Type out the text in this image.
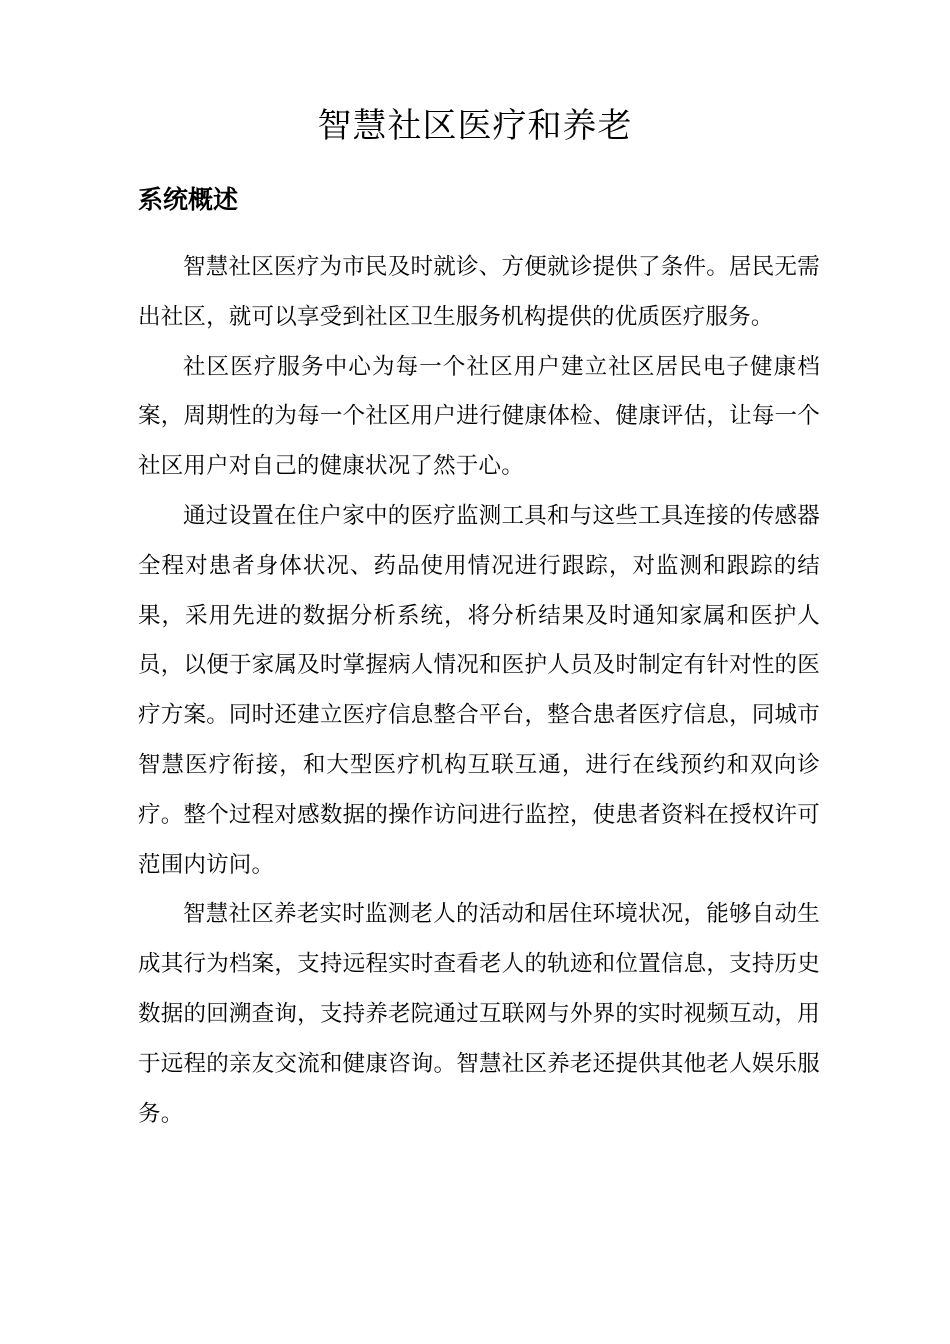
智慧社区医疗和养老
系统概述

智慧社区医疗为市民及时就诊、方便就诊提供了条件。居民无需出社区，就可以享受到社区卫生服务机构提供的优质医疗服务。

社区医疗服务中心为每一个社区用户建立社区居民电子健康档案，周期性的为每一个社区用户进行健康体检、健康评估，让每一个社区用户对自己的健康状况了然于心。

通过设置在住户家中的医疗监测工具和与这些工具连接的传感器全程对患者身体状况、药品使用情况进行跟踪，对监测和跟踪的结果，采用先进的数据分析系统，将分析结果及时通知家属和医护人员，以便于家属及时掌握病人情况和医护人员及时制定有针对性的医疗方案。同时还建立医疗信息整合平台，整合患者医疗信息，同城市智慧医疗衔接，和大型医疗机构互联互通，进行在线预约和双向诊疗。整个过程对感数据的操作访问进行监控，使患者资料在授权许可范围内访问。

智慧社区养老实时监测老人的活动和居住环境状况，能够自动生成其行为档案，支持远程实时查看老人的轨迹和位置信息，支持历史数据的回溯查询，支持养老院通过互联网与外界的实时视频互动，用于远程的亲友交流和健康咨询。智慧社区养老还提供其他老人娱乐服务。
